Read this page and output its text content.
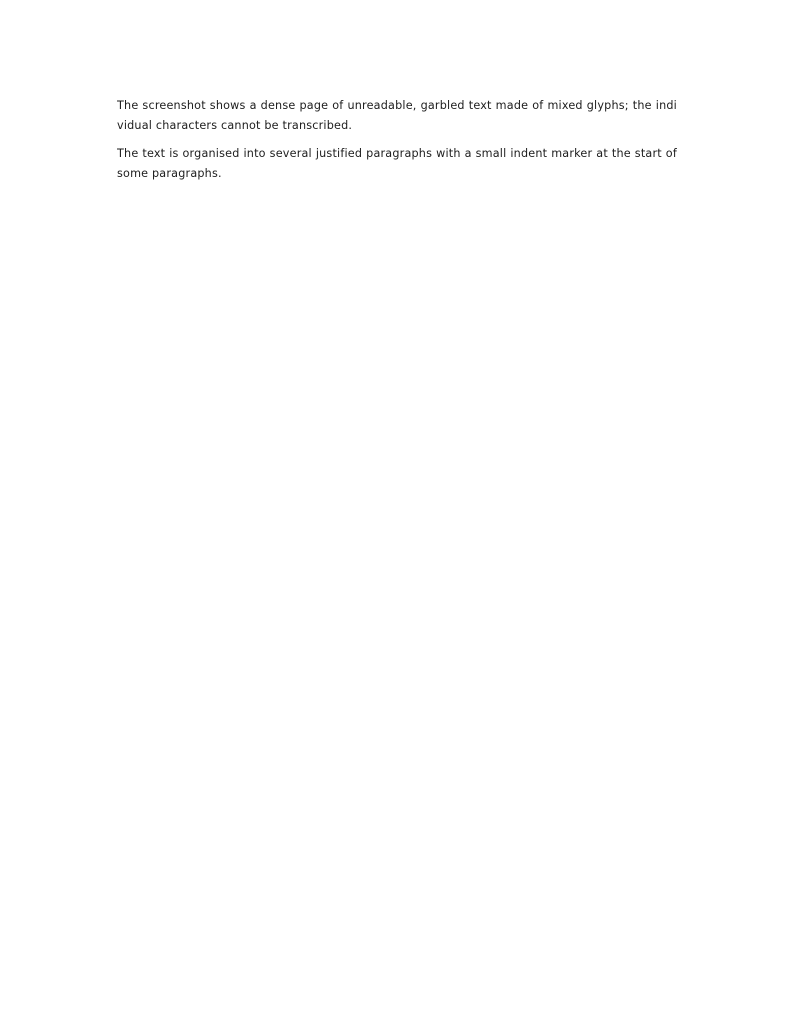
The screenshot shows a dense page of unreadable, garbled text made of mixed glyphs; the individual characters cannot be transcribed.

The text is organised into several justified paragraphs with a small indent marker at the start of some paragraphs.
